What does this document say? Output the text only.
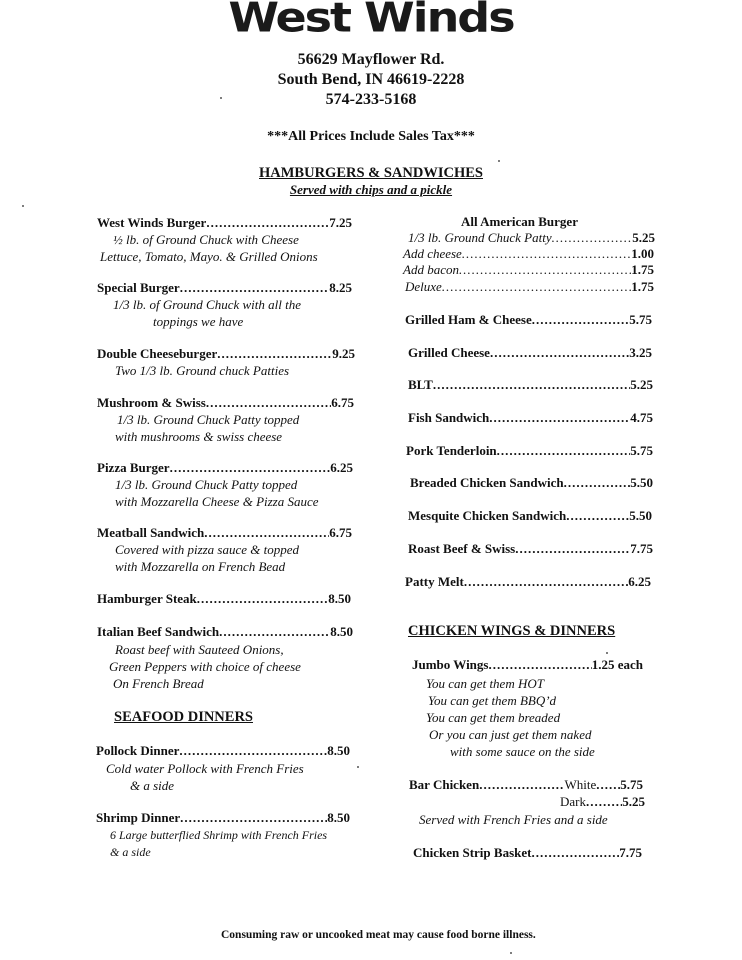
West Winds
56629 Mayflower Rd.
South Bend, IN 46619-2228
574-233-5168
***All Prices Include Sales Tax***
HAMBURGERS & SANDWICHES
Served with chips and a pickle
West Winds Burger .....	7.25
½ lb. of Ground Chuck with Cheese
Lettuce, Tomato, Mayo. & Grilled Onions
Special Burger .....	8.25
1/3 lb. of Ground Chuck with all the
toppings we have
Double Cheeseburger .....	9.25
Two 1/3 lb. Ground chuck Patties
Mushroom & Swiss .....	6.75
1/3 lb. Ground Chuck Patty topped
with mushrooms & swiss cheese
Pizza Burger .....	6.25
1/3 lb. Ground Chuck Patty topped
with Mozzarella Cheese & Pizza Sauce
Meatball Sandwich .....	6.75
Covered with pizza sauce & topped
with Mozzarella on French Bead
Hamburger Steak .....	8.50
Italian Beef Sandwich .....	8.50
Roast beef with Sauteed Onions,
Green Peppers with choice of cheese
On French Bread
SEAFOOD DINNERS
Pollock Dinner .....	8.50
Cold water Pollock with French Fries
& a side
Shrimp Dinner .....	8.50
6 Large butterflied Shrimp with French Fries
& a side
All American Burger
1/3 lb. Ground Chuck Patty .....	5.25
Add cheese .....	1.00
Add bacon .....	1.75
Deluxe .....	1.75
Grilled Ham & Cheese .....	5.75
Grilled Cheese .....	3.25
BLT .....	5.25
Fish Sandwich .....	4.75
Pork Tenderloin .....	5.75
Breaded Chicken Sandwich .....	5.50
Mesquite Chicken Sandwich .....	5.50
Roast Beef & Swiss .....	7.75
Patty Melt .....	6.25
CHICKEN WINGS & DINNERS
Jumbo Wings .....	1.25 each
You can get them HOT
You can get them BBQ’d
You can get them breaded
Or you can just get them naked
with some sauce on the side
Bar Chicken .....	White ..... 5.75
Dark .....	5.25
Served with French Fries and a side
Chicken Strip Basket .....	7.75
Consuming raw or uncooked meat may cause food borne illness.
